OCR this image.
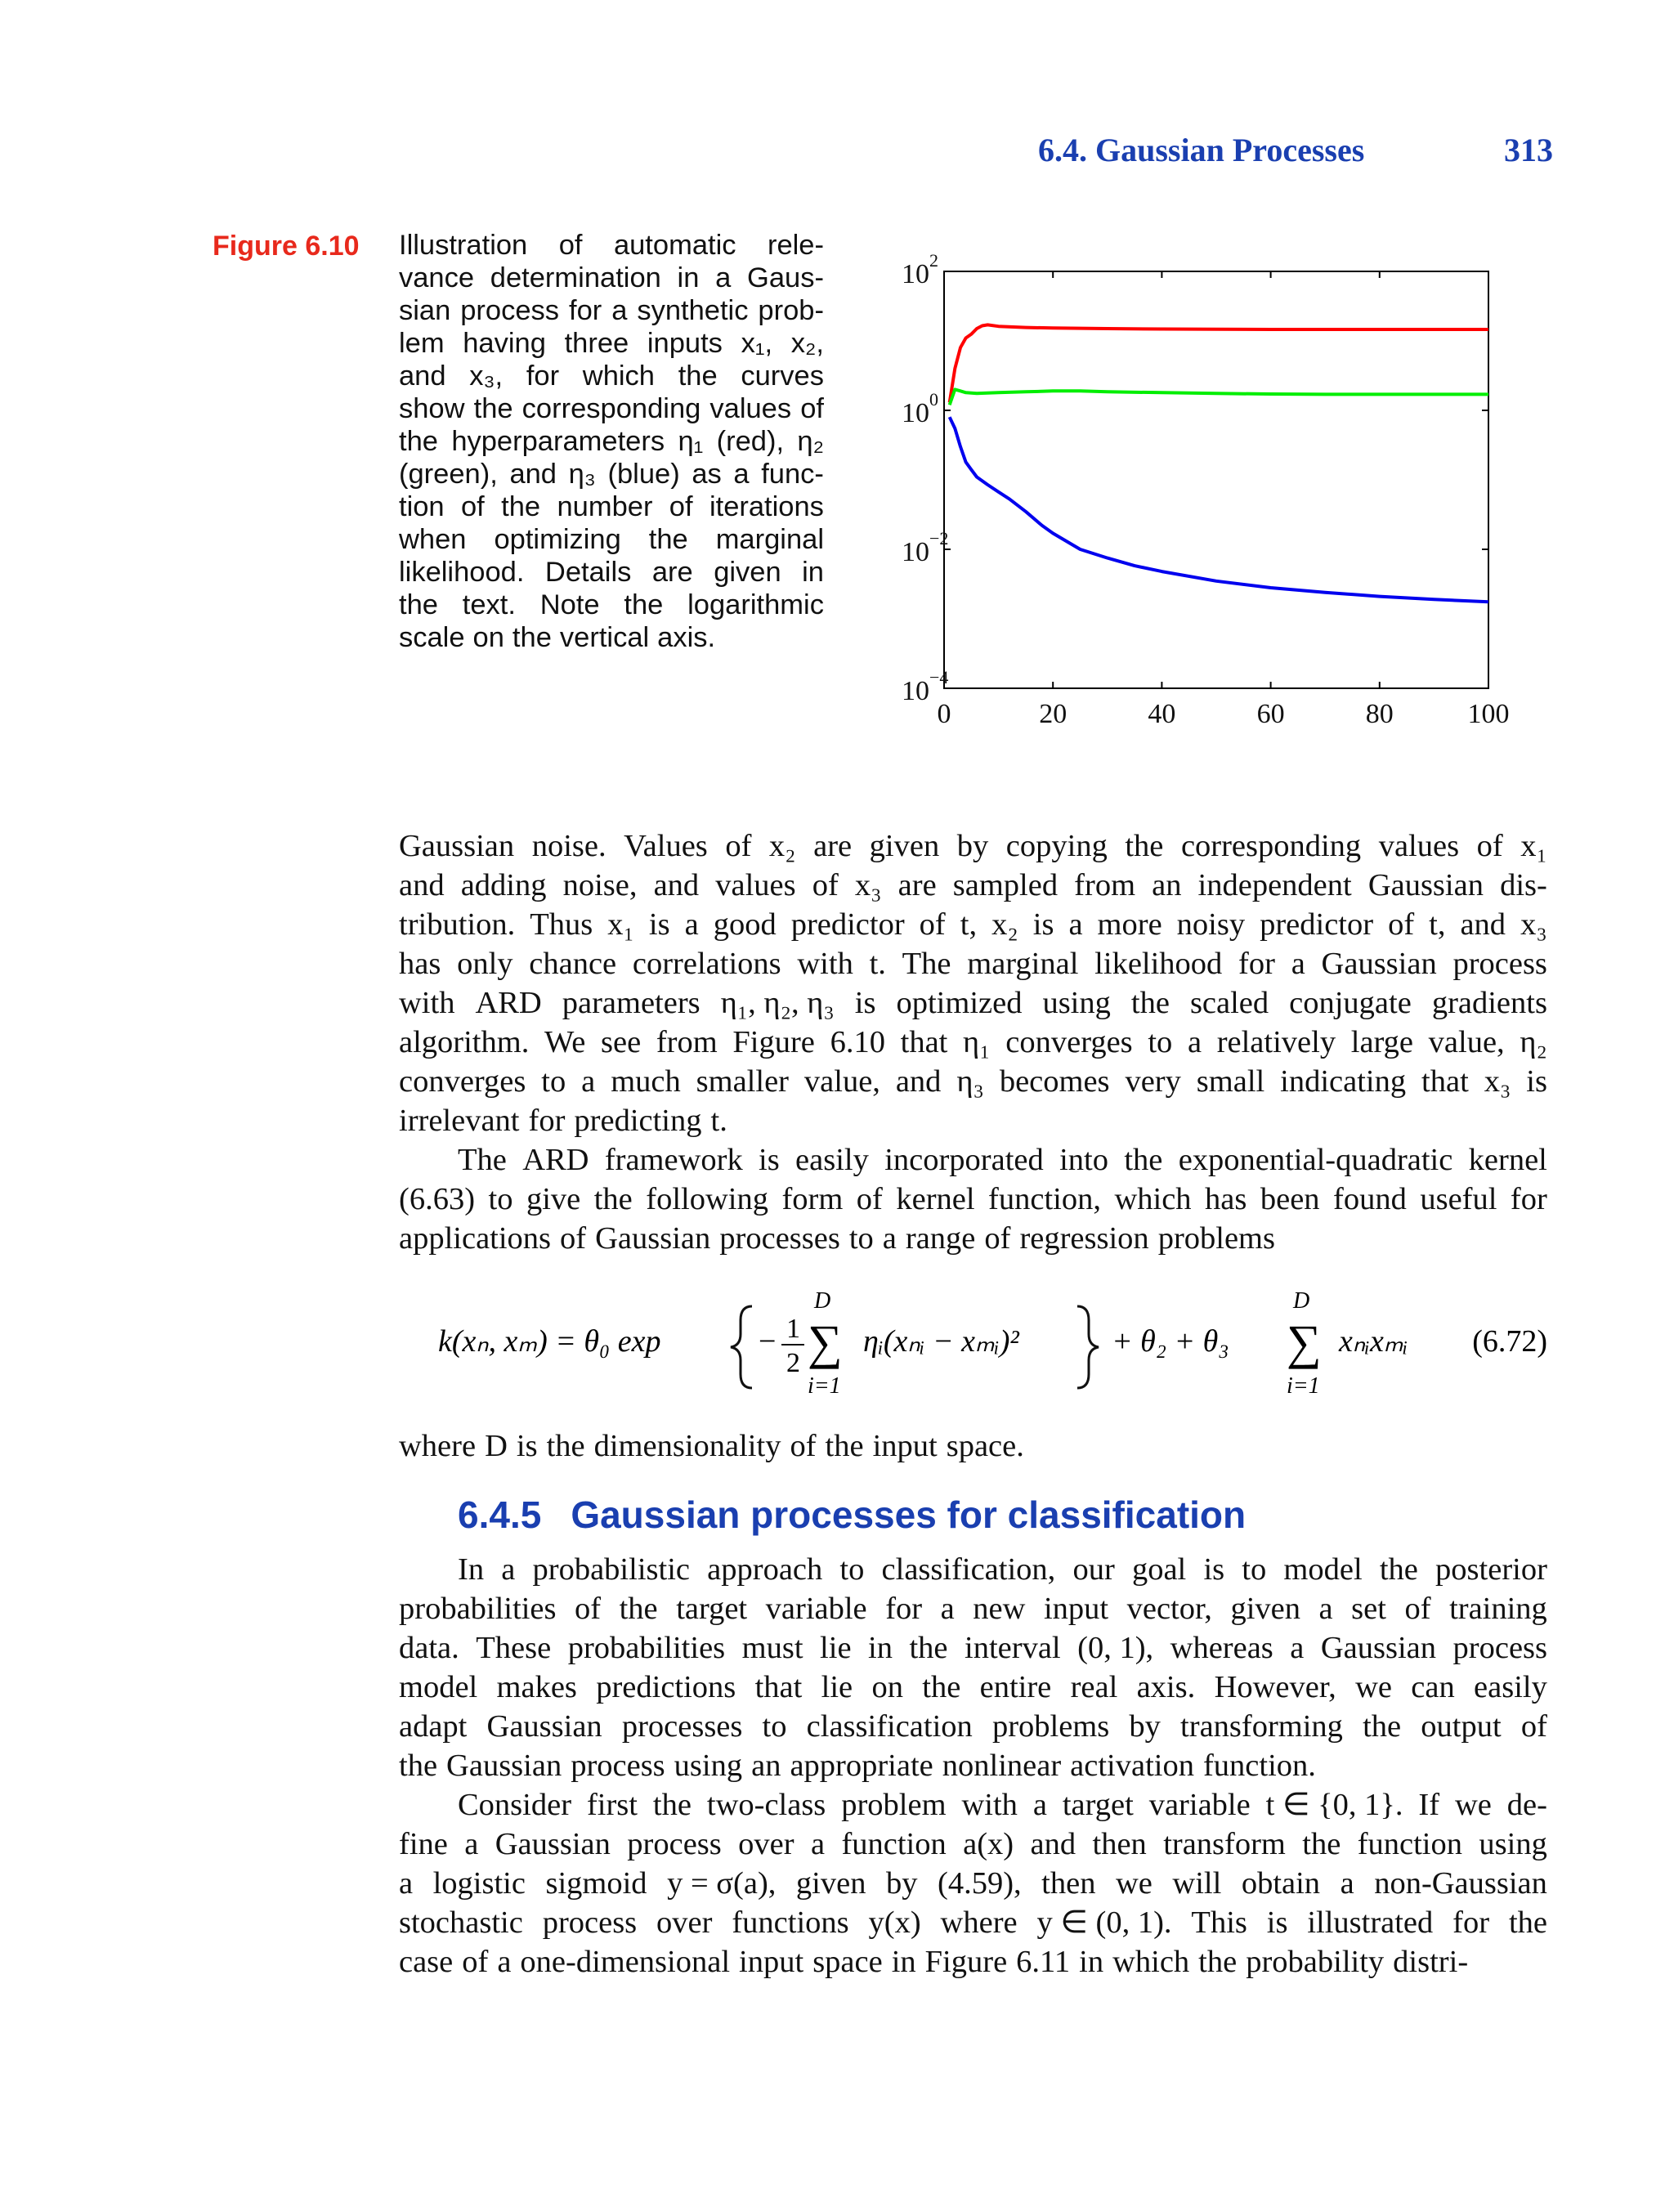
6.4. Gaussian Processes	313
Figure 6.10 Illustration of automatic rele-
vance determination in a Gaus-
sian process for a synthetic prob-
lem having three inputs x₁, x₂,
and x₃, for which the curves
show the corresponding values of
the hyperparameters η₁ (red), η₂
(green), and η₃ (blue) as a func-
tion of the number of iterations
when optimizing the marginal
likelihood. Details are given in
the text. Note the logarithmic
scale on the vertical axis.
0	20	40	60	80	100
10 2
10 0
10 −2
10 −4
Gaussian noise. Values of x₂ are given by copying the corresponding values of x₁
and adding noise, and values of x₃ are sampled from an independent Gaussian dis-
tribution. Thus x₁ is a good predictor of t, x₂ is a more noisy predictor of t, and x₃
has only chance correlations with t. The marginal likelihood for a Gaussian process
with ARD parameters η₁, η₂, η₃ is optimized using the scaled conjugate gradients
algorithm. We see from Figure 6.10 that η₁ converges to a relatively large value, η₂
converges to a much smaller value, and η₃ becomes very small indicating that x₃ is
irrelevant for predicting t.
The ARD framework is easily incorporated into the exponential-quadratic kernel
(6.63) to give the following form of kernel function, which has been found useful for
applications of Gaussian processes to a range of regression problems
k(xₙ, xₘ) = θ₀ exp	− 1
2
D
∑
i=1
ηᵢ(xₙᵢ − xₘᵢ)²	+ θ₂ + θ₃
D
∑
i=1
xₙᵢxₘᵢ (6.72)
where D is the dimensionality of the input space.
6.4.5 Gaussian processes for classification
In a probabilistic approach to classification, our goal is to model the posterior
probabilities of the target variable for a new input vector, given a set of training
data. These probabilities must lie in the interval (0, 1), whereas a Gaussian process
model makes predictions that lie on the entire real axis. However, we can easily
adapt Gaussian processes to classification problems by transforming the output of
the Gaussian process using an appropriate nonlinear activation function.
Consider first the two-class problem with a target variable t ∈ {0, 1}. If we de-
fine a Gaussian process over a function a(x) and then transform the function using
a logistic sigmoid y = σ(a), given by (4.59), then we will obtain a non-Gaussian
stochastic process over functions y(x) where y ∈ (0, 1). This is illustrated for the
case of a one-dimensional input space in Figure 6.11 in which the probability distri-
